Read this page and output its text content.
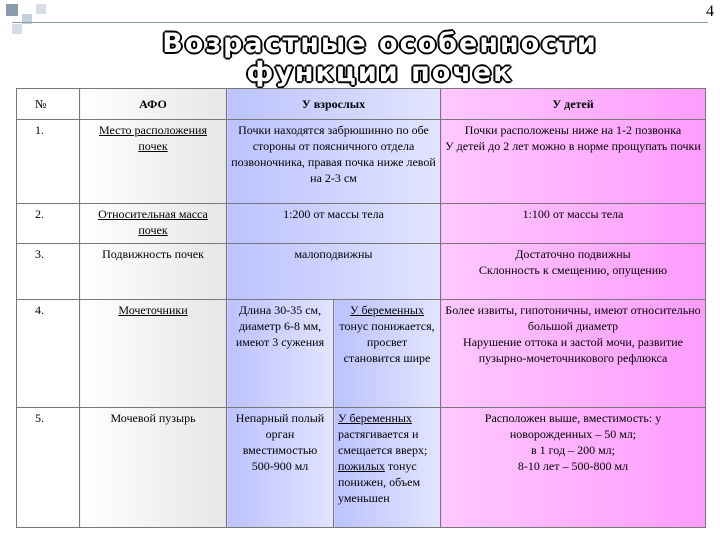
4
Возрастные особенности
функции почек
№	АФО	У взрослых		У детей
1.	Место расположения почек	Почки находятся забрюшинно по обе стороны от поясничного отдела позвоночника, правая почка ниже левой на 2-3 см		Почки расположены ниже на 1-2 позвонка
У детей до 2 лет можно в норме прощупать почки
2.	Относительная масса почек	1:200 от массы тела		1:100 от массы тела
3.	Подвижность почек	малоподвижны		Достаточно подвижны
Склонность к смещению, опущению
4.	Мочеточники	Длина 30-35 см, диаметр 6-8 мм, имеют 3 сужения	У беременных тонус понижается, просвет становится шире	Более извиты, гипотоничны, имеют относительно большой диаметр
Нарушение оттока и застой мочи, развитие пузырно-мочеточникового рефлюкса
5.	Мочевой пузырь	Непарный полый орган вместимостью 500-900 мл	У беременных растягивается и смещается вверх; пожилых тонус понижен, объем уменьшен	Расположен выше, вместимость: у новорожденных – 50 мл;
в 1 год – 200 мл;
8-10 лет – 500-800 мл
